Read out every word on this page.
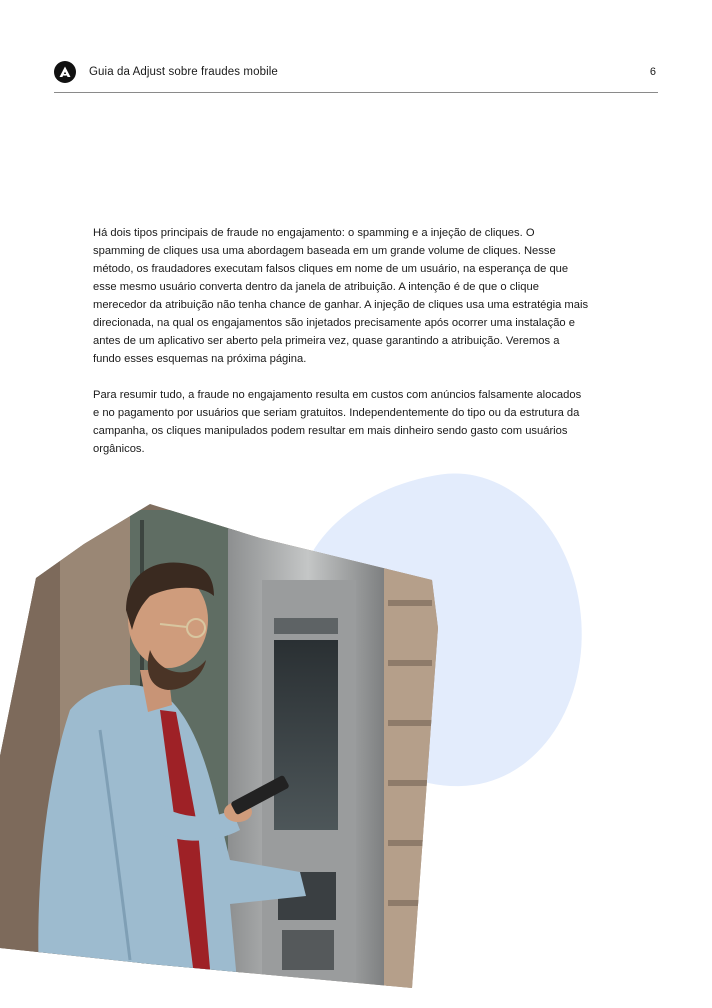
Guia da Adjust sobre fraudes mobile	6

Há dois tipos principais de fraude no engajamento: o spamming e a injeção de cliques. O spamming de cliques usa uma abordagem baseada em um grande volume de cliques. Nesse método, os fraudadores executam falsos cliques em nome de um usuário, na esperança de que esse mesmo usuário converta dentro da janela de atribuição. A intenção é de que o clique merecedor da atribuição não tenha chance de ganhar. A injeção de cliques usa uma estratégia mais direcionada, na qual os engajamentos são injetados precisamente após ocorrer uma instalação e antes de um aplicativo ser aberto pela primeira vez, quase garantindo a atribuição. Veremos a fundo esses esquemas na próxima página.

Para resumir tudo, a fraude no engajamento resulta em custos com anúncios falsamente alocados e no pagamento por usuários que seriam gratuitos. Independentemente do tipo ou da estrutura da campanha, os cliques manipulados podem resultar em mais dinheiro sendo gasto com usuários orgânicos.
